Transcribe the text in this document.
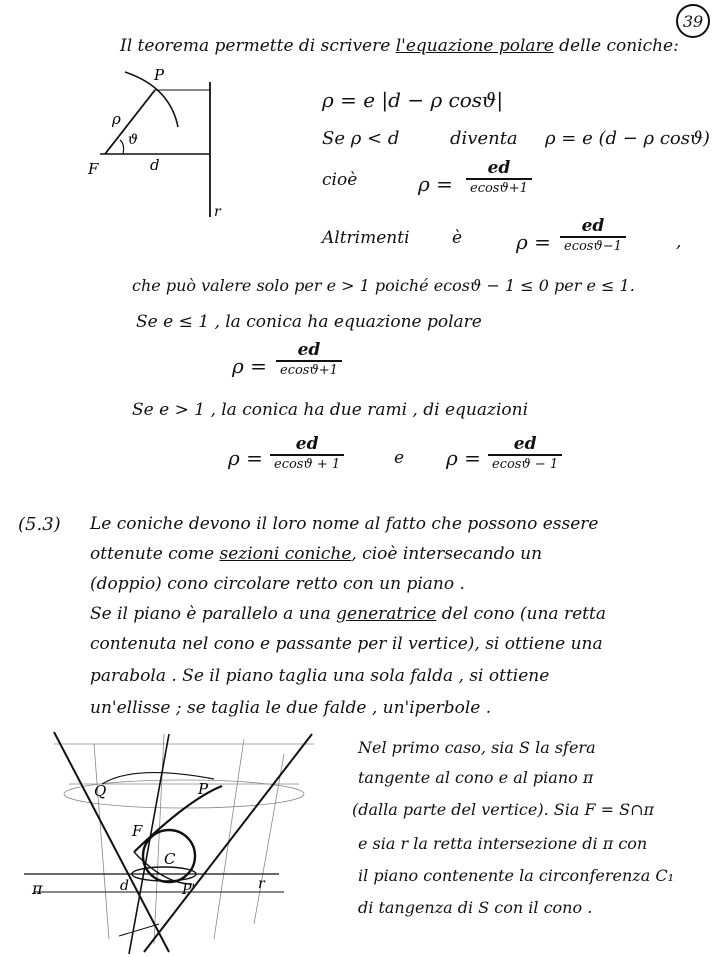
39
Il teorema permette di scrivere l'equazione polare delle coniche:
P
ρ
ϑ
F	d
r
ρ = e |d − ρ cosϑ|
Se ρ < d	diventa ρ = e (d − ρ cosϑ)
cioè	ρ =
ed
ecosϑ+1
Altrimenti è	ρ =
ed
ecosϑ−1	,
che può valere solo per e > 1 poiché ecosϑ − 1 ≤ 0 per e ≤ 1.
Se e ≤ 1 , la conica ha equazione polare
ρ =
ed
ecosϑ+1
Se e > 1 , la conica ha due rami , di equazioni
ρ =
ed
ecosϑ + 1	e ρ =
ed
ecosϑ − 1
(5.3) Le coniche devono il loro nome al fatto che possono essere
ottenute come sezioni coniche, cioè intersecando un
(doppio) cono circolare retto con un piano .
Se il piano è parallelo a una generatrice del cono (una retta
contenuta nel cono e passante per il vertice), si ottiene una
parabola . Se il piano taglia una sola falda , si ottiene
un'ellisse ; se taglia le due falde , un'iperbole .
Q	P
F
C
d	P'
π	r
Nel primo caso, sia S la sfera
tangente al cono e al piano π
(dalla parte del vertice). Sia F = S∩π
e sia r la retta intersezione di π con
il piano contenente la circonferenza C₁
di tangenza di S con il cono .
